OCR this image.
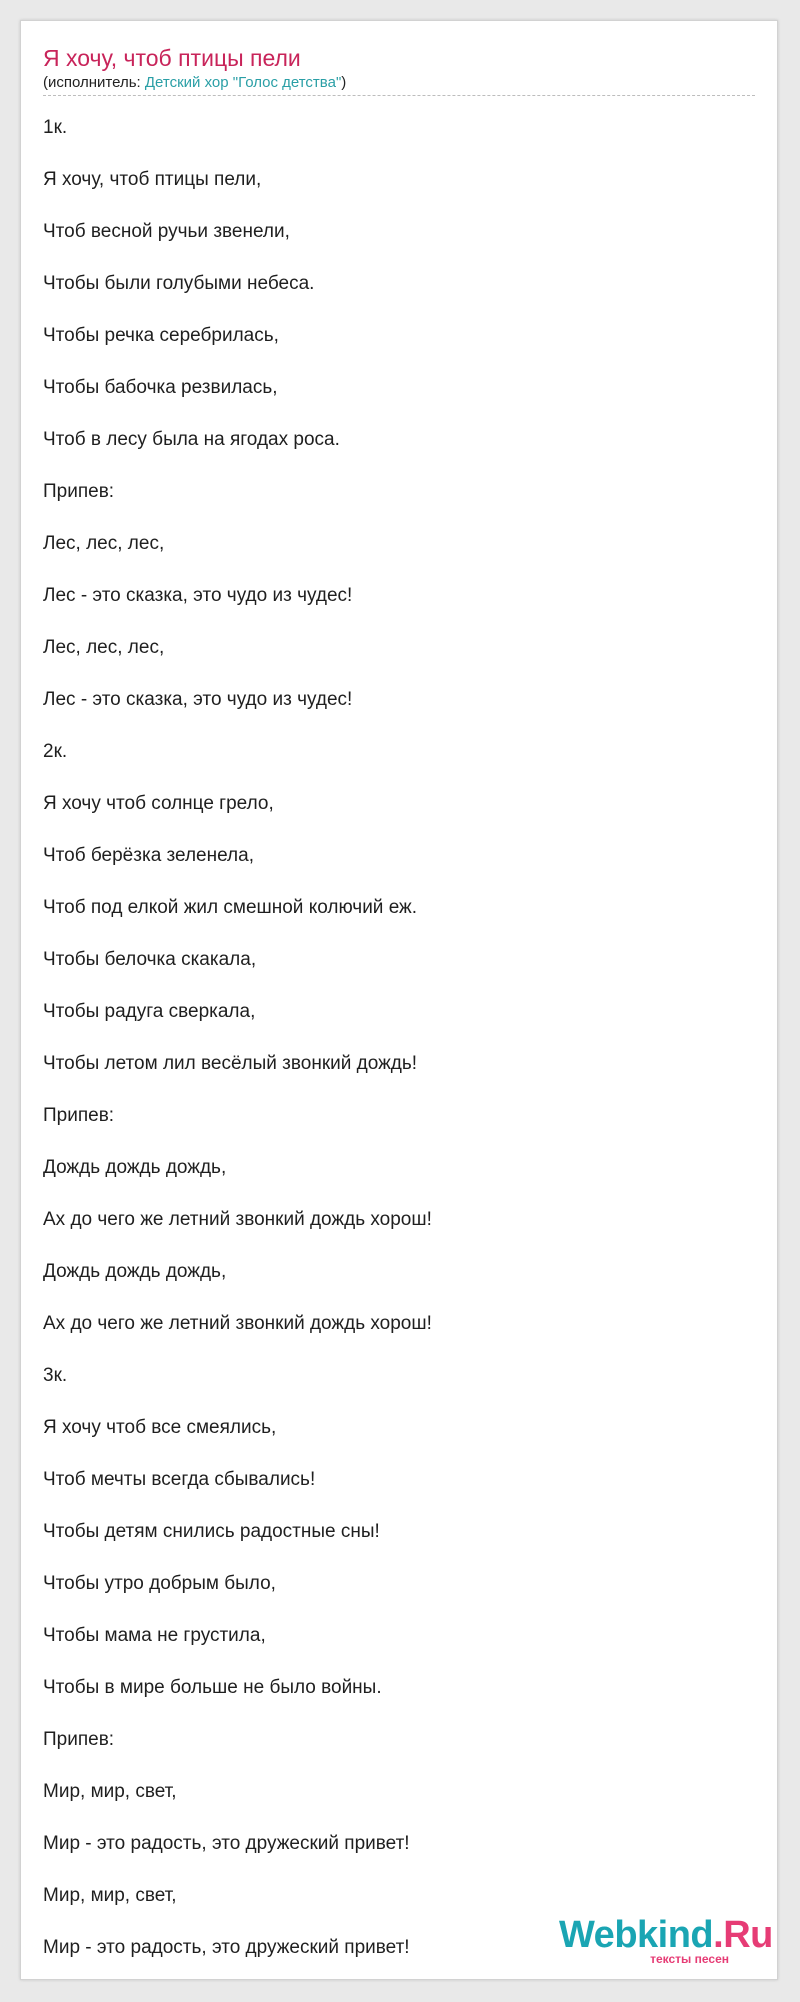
Я хочу, чтоб птицы пели
(исполнитель: Детский хор "Голос детства")
1к.
Я хочу, чтоб птицы пели,
Чтоб весной ручьи звенели,
Чтобы были голубыми небеса.
Чтобы речка серебрилась,
Чтобы бабочка резвилась,
Чтоб в лесу была на ягодах роса.
Припев:
Лес, лес, лес,
Лес - это сказка, это чудо из чудес!
Лес, лес, лес,
Лес - это сказка, это чудо из чудес!
2к.
Я хочу чтоб солнце грело,
Чтоб берёзка зеленела,
Чтоб под елкой жил смешной колючий еж.
Чтобы белочка скакала,
Чтобы радуга сверкала,
Чтобы летом лил весёлый звонкий дождь!
Припев:
Дождь дождь дождь,
Ах до чего же летний звонкий дождь хорош!
Дождь дождь дождь,
Ах до чего же летний звонкий дождь хорош!
3к.
Я хочу чтоб все смеялись,
Чтоб мечты всегда сбывались!
Чтобы детям снились радостные сны!
Чтобы утро добрым было,
Чтобы мама не грустила,
Чтобы в мире больше не было войны.
Припев:
Мир, мир, свет,
Мир - это радость, это дружеский привет!
Мир, мир, свет,
Мир - это радость, это дружеский привет!	Webkind.Ru
тексты песен
